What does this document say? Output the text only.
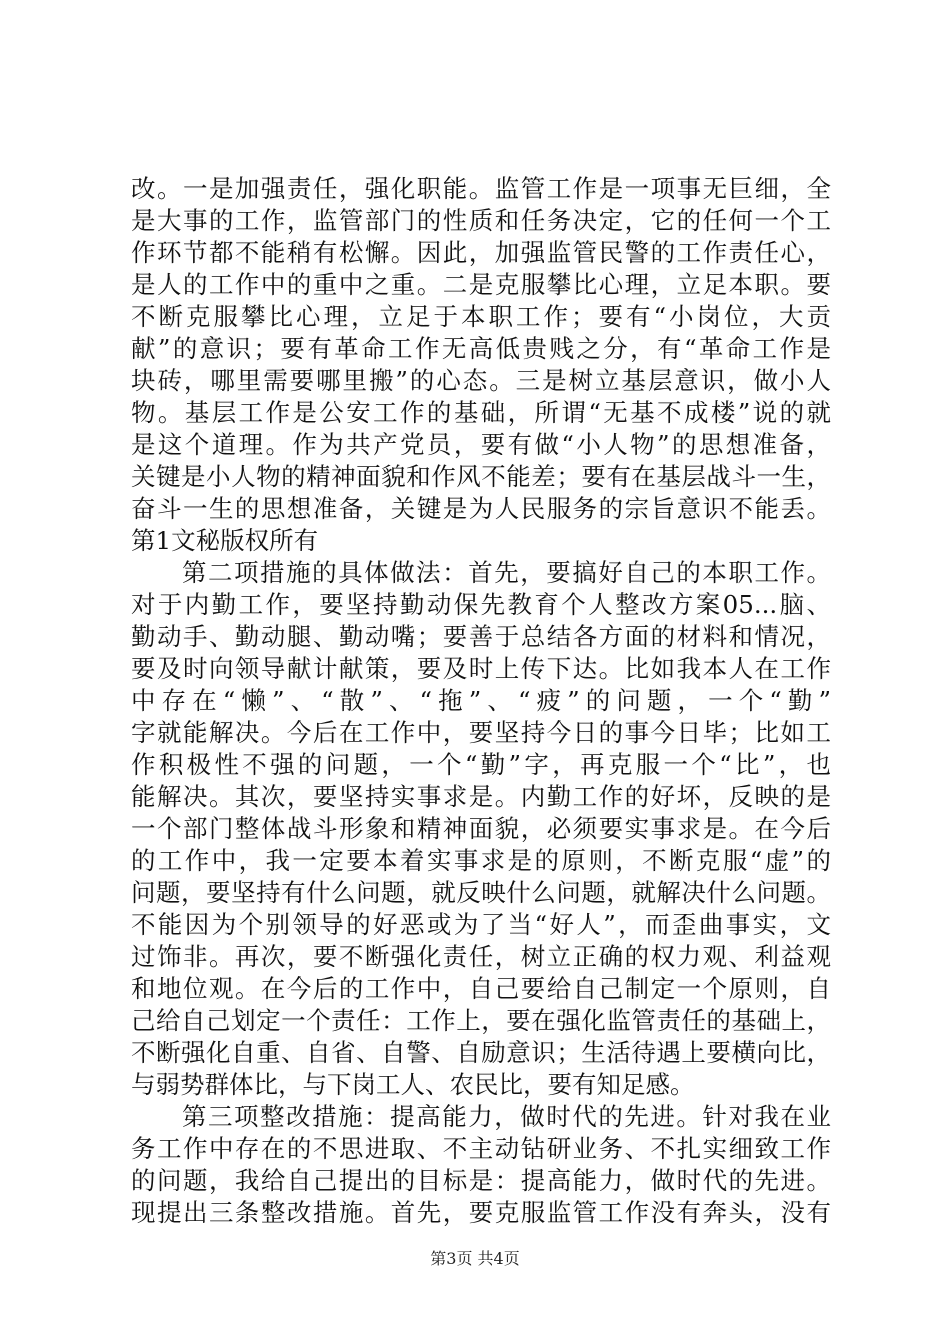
改。一是加强责任，强化职能。监管工作是一项事无巨细，全
是大事的工作，监管部门的性质和任务决定，它的任何一个工
作环节都不能稍有松懈。因此，加强监管民警的工作责任心，
是人的工作中的重中之重。二是克服攀比心理，立足本职。要
不断克服攀比心理，立足于本职工作；要有“小岗位，大贡
献”的意识；要有革命工作无高低贵贱之分，有“革命工作是
块砖，哪里需要哪里搬”的心态。三是树立基层意识，做小人
物。基层工作是公安工作的基础，所谓“无基不成楼”说的就
是这个道理。作为共产党员，要有做“小人物”的思想准备，
关键是小人物的精神面貌和作风不能差；要有在基层战斗一生，
奋斗一生的思想准备，关键是为人民服务的宗旨意识不能丢。
第1文秘版权所有
第二项措施的具体做法：首先，要搞好自己的本职工作。
对于内勤工作，要坚持勤动保先教育个人整改方案05...脑、
勤动手、勤动腿、勤动嘴；要善于总结各方面的材料和情况，
要及时向领导献计献策，要及时上传下达。比如我本人在工作
中存在“懒”、“散”、“拖”、“疲”的问题，一个“勤”
字就能解决。今后在工作中，要坚持今日的事今日毕；比如工
作积极性不强的问题，一个“勤”字，再克服一个“比”，也
能解决。其次，要坚持实事求是。内勤工作的好坏，反映的是
一个部门整体战斗形象和精神面貌，必须要实事求是。在今后
的工作中，我一定要本着实事求是的原则，不断克服“虚”的
问题，要坚持有什么问题，就反映什么问题，就解决什么问题。
不能因为个别领导的好恶或为了当“好人”，而歪曲事实，文
过饰非。再次，要不断强化责任，树立正确的权力观、利益观
和地位观。在今后的工作中，自己要给自己制定一个原则，自
己给自己划定一个责任：工作上，要在强化监管责任的基础上，
不断强化自重、自省、自警、自励意识；生活待遇上要横向比，
与弱势群体比，与下岗工人、农民比，要有知足感。
第三项整改措施：提高能力，做时代的先进。针对我在业
务工作中存在的不思进取、不主动钻研业务、不扎实细致工作
的问题，我给自己提出的目标是：提高能力，做时代的先进。
现提出三条整改措施。首先，要克服监管工作没有奔头，没有
第3页 共4页
